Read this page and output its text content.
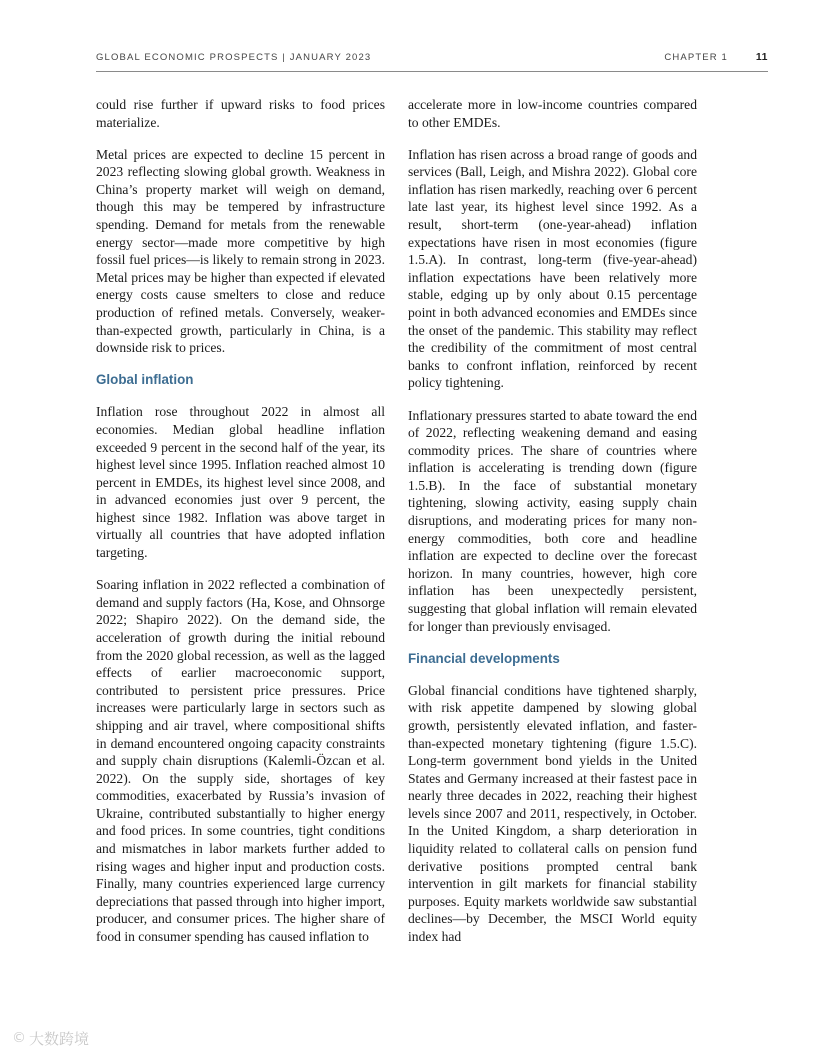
GLOBAL ECONOMIC PROSPECTS | JANUARY 2023	CHAPTER 1	11

could rise further if upward risks to food prices materialize.

Metal prices are expected to decline 15 percent in 2023 reflecting slowing global growth. Weakness in China’s property market will weigh on demand, though this may be tempered by infrastructure spending. Demand for metals from the renewable energy sector—made more competitive by high fossil fuel prices—is likely to remain strong in 2023. Metal prices may be higher than expected if elevated energy costs cause smelters to close and reduce production of refined metals. Conversely, weaker-than-expected growth, particularly in China, is a downside risk to prices.

Global inflation

Inflation rose throughout 2022 in almost all economies. Median global headline inflation exceeded 9 percent in the second half of the year, its highest level since 1995. Inflation reached almost 10 percent in EMDEs, its highest level since 2008, and in advanced economies just over 9 percent, the highest since 1982. Inflation was above target in virtually all countries that have adopted inflation targeting.

Soaring inflation in 2022 reflected a combination of demand and supply factors (Ha, Kose, and Ohnsorge 2022; Shapiro 2022). On the demand side, the acceleration of growth during the initial rebound from the 2020 global recession, as well as the lagged effects of earlier macroeconomic support, contributed to persistent price pressures. Price increases were particularly large in sectors such as shipping and air travel, where compositional shifts in demand encountered ongoing capacity constraints and supply chain disruptions (Kalemli-Özcan et al. 2022). On the supply side, shortages of key commodities, exacerbated by Russia’s invasion of Ukraine, contributed substantially to higher energy and food prices. In some countries, tight conditions and mismatches in labor markets further added to rising wages and higher input and production costs. Finally, many countries experienced large currency depreciations that passed through into higher import, producer, and consumer prices. The higher share of food in consumer spending has caused inflation to

accelerate more in low-income countries compared to other EMDEs.

Inflation has risen across a broad range of goods and services (Ball, Leigh, and Mishra 2022). Global core inflation has risen markedly, reaching over 6 percent late last year, its highest level since 1992. As a result, short-term (one-year-ahead) inflation expectations have risen in most economies (figure 1.5.A). In contrast, long-term (five-year-ahead) inflation expectations have been relatively more stable, edging up by only about 0.15 percentage point in both advanced economies and EMDEs since the onset of the pandemic. This stability may reflect the credibility of the commitment of most central banks to confront inflation, reinforced by recent policy tightening.

Inflationary pressures started to abate toward the end of 2022, reflecting weakening demand and easing commodity prices. The share of countries where inflation is accelerating is trending down (figure 1.5.B). In the face of substantial monetary tightening, slowing activity, easing supply chain disruptions, and moderating prices for many nonenergy commodities, both core and headline inflation are expected to decline over the forecast horizon. In many countries, however, high core inflation has been unexpectedly persistent, suggesting that global inflation will remain elevated for longer than previously envisaged.

Financial developments

Global financial conditions have tightened sharply, with risk appetite dampened by slowing global growth, persistently elevated inflation, and faster-than-expected monetary tightening (figure 1.5.C). Long-term government bond yields in the United States and Germany increased at their fastest pace in nearly three decades in 2022, reaching their highest levels since 2007 and 2011, respectively, in October. In the United Kingdom, a sharp deterioration in liquidity related to collateral calls on pension fund derivative positions prompted central bank intervention in gilt markets for financial stability purposes. Equity markets worldwide saw substantial declines—by December, the MSCI World equity index had

© 大数跨境
